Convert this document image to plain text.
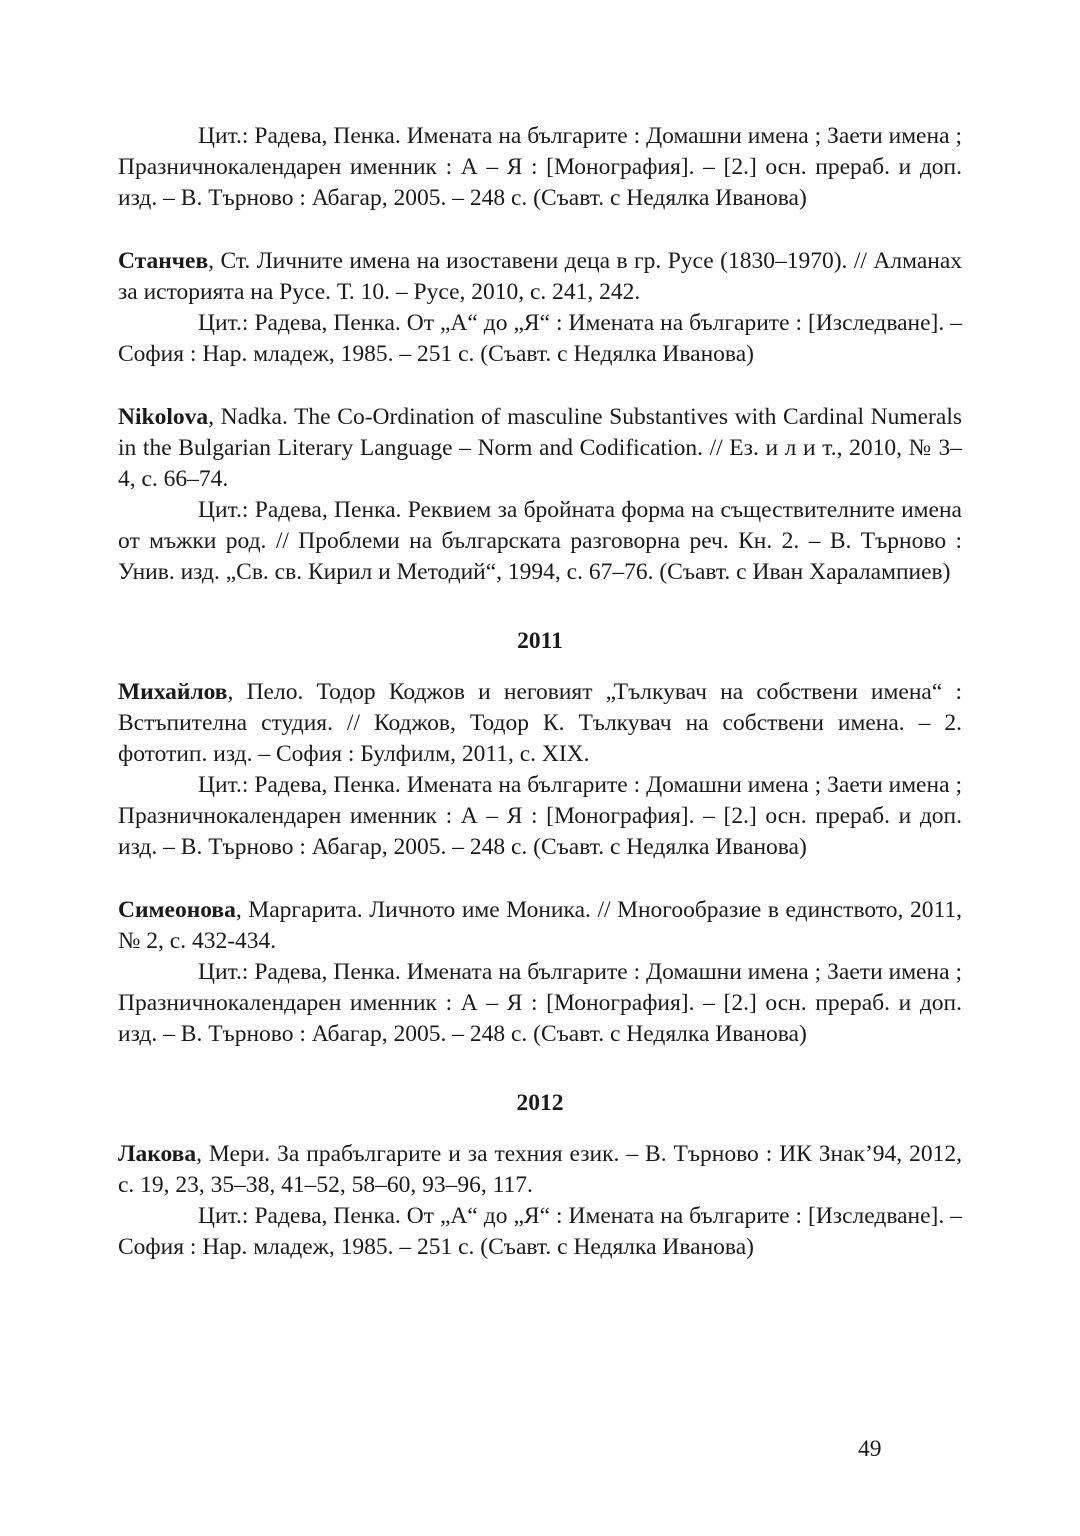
Цит.: Радева, Пенка. Имената на българите : Домашни имена ; Заети имена ; Празничнокалендарен именник : А – Я : [Монография]. – [2.] осн. прераб. и доп. изд. – В. Търново : Абагар, 2005. – 248 с. (Съавт. с Недялка Иванова)

Станчев, Ст. Личните имена на изоставени деца в гр. Русе (1830–1970). // Алманах за историята на Русе. Т. 10. – Русе, 2010, с. 241, 242.

Цит.: Радева, Пенка. От „А“ до „Я“ : Имената на българите : [Изследване]. – София : Нар. младеж, 1985. – 251 с. (Съавт. с Недялка Иванова)

Nikolova, Nadka. The Co-Ordination of masculine Substantives with Cardinal Numerals in the Bulgarian Literary Language – Norm and Codification. // Ез. и л и т., 2010, № 3–4, с. 66–74.

Цит.: Радева, Пенка. Реквием за бройната форма на съществителните имена от мъжки род. // Проблеми на българската разговорна реч. Кн. 2. – В. Търново : Унив. изд. „Св. св. Кирил и Методий“, 1994, с. 67–76. (Съавт. с Иван Харалампиев)

2011

Михайлов, Пело. Тодор Коджов и неговият „Тълкувач на собствени имена“ : Встъпителна студия. // Коджов, Тодор К. Тълкувач на собствени имена. – 2. фототип. изд. – София : Булфилм, 2011, с. XIX.

Цит.: Радева, Пенка. Имената на българите : Домашни имена ; Заети имена ; Празничнокалендарен именник : А – Я : [Монография]. – [2.] осн. прераб. и доп. изд. – В. Търново : Абагар, 2005. – 248 с. (Съавт. с Недялка Иванова)

Симеонова, Маргарита. Личното име Моника. // Многообразие в единството, 2011, № 2, с. 432-434.

Цит.: Радева, Пенка. Имената на българите : Домашни имена ; Заети имена ; Празничнокалендарен именник : А – Я : [Монография]. – [2.] осн. прераб. и доп. изд. – В. Търново : Абагар, 2005. – 248 с. (Съавт. с Недялка Иванова)

2012

Лакова, Мери. За прабългарите и за техния език. – В. Търново : ИК Знак’94, 2012, с. 19, 23, 35–38, 41–52, 58–60, 93–96, 117.

Цит.: Радева, Пенка. От „А“ до „Я“ : Имената на българите : [Изследване]. – София : Нар. младеж, 1985. – 251 с. (Съавт. с Недялка Иванова)

49
